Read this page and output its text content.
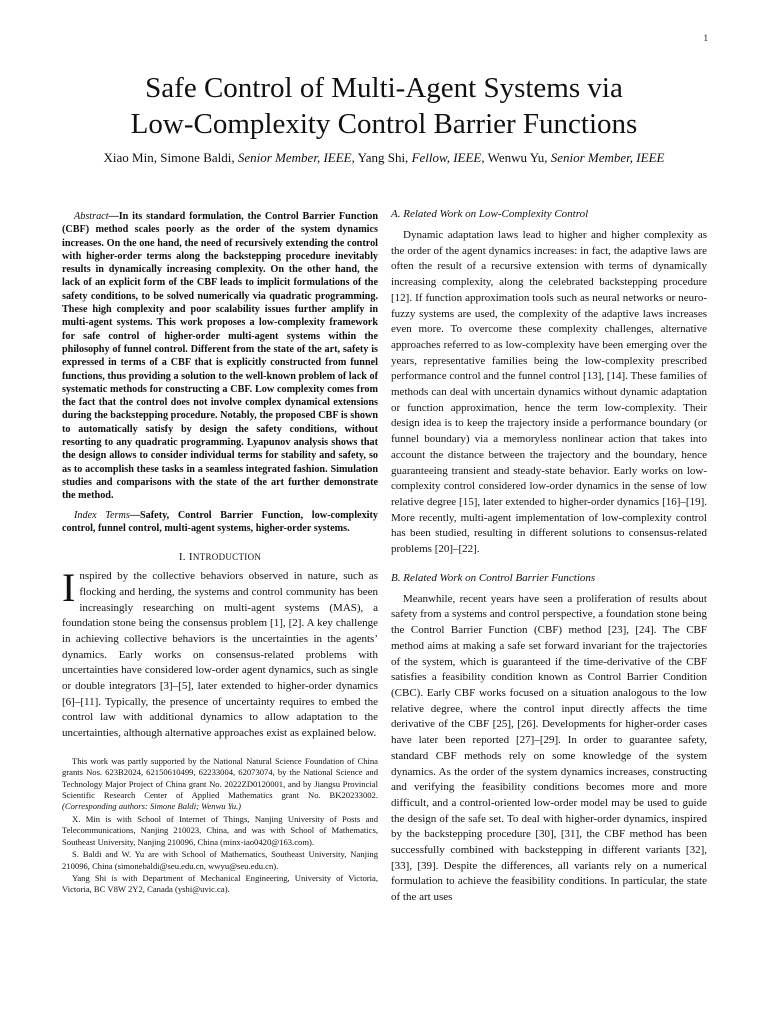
1
Safe Control of Multi-Agent Systems via
Low-Complexity Control Barrier Functions
Xiao Min, Simone Baldi, Senior Member, IEEE, Yang Shi, Fellow, IEEE, Wenwu Yu, Senior Member, IEEE

Abstract—In its standard formulation, the Control Barrier Function (CBF) method scales poorly as the order of the system dynamics increases. On the one hand, the need of recursively extending the control with higher-order terms along the backstepping procedure inevitably results in dynamically increasing complexity. On the other hand, the lack of an explicit form of the CBF leads to implicit formulations of the safety conditions, to be solved numerically via quadratic programming. These high complexity and poor scalability issues further amplify in multi-agent systems. This work proposes a low-complexity framework for safe control of higher-order multi-agent systems within the philosophy of funnel control. Different from the state of the art, safety is expressed in terms of a CBF that is explicitly constructed from funnel functions, thus providing a solution to the well-known problem of lack of systematic methods for constructing a CBF. Low complexity comes from the fact that the control does not involve complex dynamical extensions during the backstepping procedure. Notably, the proposed CBF is shown to automatically satisfy by design the safety conditions, without resorting to any quadratic programming. Lyapunov analysis shows that the design allows to consider individual terms for stability and safety, so as to accomplish these tasks in a seamless integrated fashion. Simulation studies and comparisons with the state of the art further demonstrate the method.

Index Terms—Safety, Control Barrier Function, low-complexity control, funnel control, multi-agent systems, higher-order systems.

I. INTRODUCTION

Inspired by the collective behaviors observed in nature, such as flocking and herding, the systems and control community has been increasingly researching on multi-agent systems (MAS), a foundation stone being the consensus problem [1], [2]. A key challenge in achieving collective behaviors is the uncertainties in the agents’ dynamics. Early works on consensus-related problems with uncertainties have considered low-order agent dynamics, such as single or double integrators [3]–[5], later extended to higher-order dynamics [6]–[11]. Typically, the presence of uncertainty requires to embed the control law with additional dynamics to allow adaptation to the uncertainties, although alternative approaches exist as explained below.

This work was partly supported by the National Natural Science Foundation of China grants Nos. 623B2024, 62150610499, 62233004, 62073074, by the National Science and Technology Major Project of China grant No. 2022ZD0120001, and by Jiangsu Provincial Scientific Research Center of Applied Mathematics grant No. BK20233002. (Corresponding authors: Simone Baldi; Wenwu Yu.)

X. Min is with School of Internet of Things, Nanjing University of Posts and Telecommunications, Nanjing 210023, China, and was with School of Mathematics, Southeast University, Nanjing 210096, China (minx-iao0420@163.com).

S. Baldi and W. Yu are with School of Mathematics, Southeast University, Nanjing 210096, China (simonebaldi@seu.edu.cn, wwyu@seu.edu.cn).

Yang Shi is with Department of Mechanical Engineering, University of Victoria, Victoria, BC V8W 2Y2, Canada (yshi@uvic.ca).

A. Related Work on Low-Complexity Control

Dynamic adaptation laws lead to higher and higher complexity as the order of the agent dynamics increases: in fact, the adaptive laws are often the result of a recursive extension with terms of dynamically increasing complexity, along the celebrated backstepping procedure [12]. If function approximation tools such as neural networks or neuro-fuzzy systems are used, the complexity of the adaptive laws increases even more. To overcome these complexity challenges, alternative approaches referred to as low-complexity have been emerging over the years, representative families being the low-complexity prescribed performance control and the funnel control [13], [14]. These families of methods can deal with uncertain dynamics without dynamic adaptation or function approximation, hence the term low-complexity. Their design idea is to keep the trajectory inside a performance boundary (or funnel boundary) via a memoryless nonlinear action that takes into account the distance between the trajectory and the boundary, hence guaranteeing transient and steady-state behavior. Early works on low-complexity control considered low-order dynamics in the sense of low relative degree [15], later extended to higher-order dynamics [16]–[19]. More recently, multi-agent implementation of low-complexity control has been studied, resulting in different solutions to consensus-related problems [20]–[22].

B. Related Work on Control Barrier Functions

Meanwhile, recent years have seen a proliferation of results about safety from a systems and control perspective, a foundation stone being the Control Barrier Function (CBF) method [23], [24]. The CBF method aims at making a safe set forward invariant for the trajectories of the system, which is guaranteed if the time-derivative of the CBF satisfies a feasibility condition known as Control Barrier Condition (CBC). Early CBF works focused on a situation analogous to the low relative degree, where the control input directly affects the time derivative of the CBF [25], [26]. Developments for higher-order cases have later been reported [27]–[29]. In order to guarantee safety, standard CBF methods rely on some knowledge of the system dynamics. As the order of the system dynamics increases, constructing and verifying the feasibility conditions becomes more and more difficult, and a control-oriented low-order model may be used to guide the design of the safe set. To deal with higher-order dynamics, inspired by the backstepping procedure [30], [31], the CBF method has been successfully combined with backstepping in different variants [32], [33], [39]. Despite the differences, all variants rely on a numerical formulation to achieve the feasibility conditions. In particular, the state of the art uses
